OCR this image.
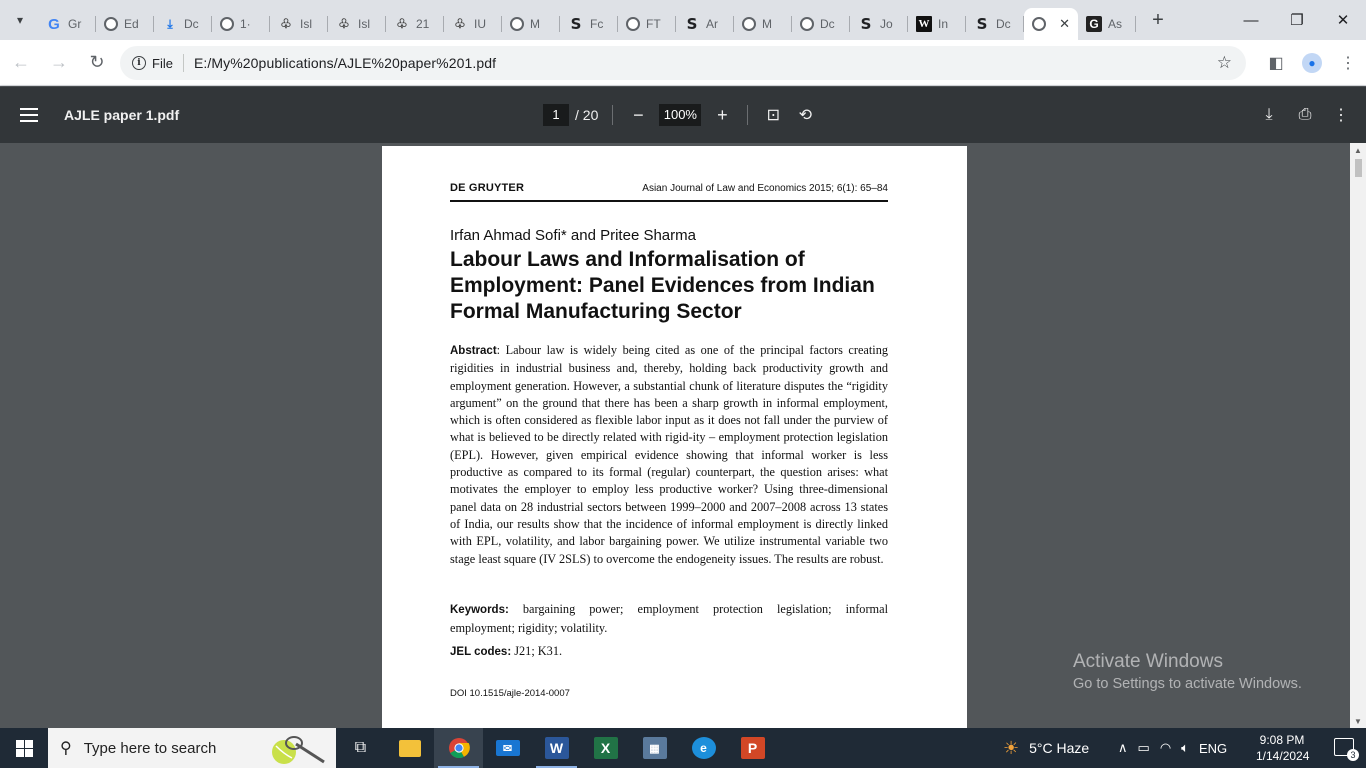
▾	G Gr	Ed	⤓ Dc	1· ♧ Isl ♧ Isl ♧ 21 ♧ IU	M S Fc	FT S Ar	M	Dc S Jo W In S Dc	✕ G As	+	—	❐	✕
←	→	↻	i File E:/My%20publications/AJLE%20paper%201.pdf	☆	◧	●	⋮
AJLE paper 1.pdf	1	/ 20	−	100%	+	⊡ ⟲	⤓	⎙ ⋮
DE GRUYTER	Asian Journal of Law and Economics 2015; 6(1): 65–84
Irfan Ahmad Sofi* and Pritee Sharma
Labour Laws and Informalisation of Employment: Panel Evidences from Indian Formal Manufacturing Sector
Abstract: Labour law is widely being cited as one of the principal factors creating rigidities in industrial business and, thereby, holding back productivity growth and employment generation. However, a substantial chunk of literature disputes the “rigidity argument” on the ground that there has been a sharp growth in informal employment, which is often considered as flexible labor input as it does not fall under the purview of what is believed to be directly related with rigid-ity – employment protection legislation (EPL). However, given empirical evidence showing that informal worker is less productive as compared to its formal (regular) counterpart, the question arises: what motivates the employer to employ less productive worker? Using three-dimensional panel data on 28 industrial sectors between 1999–2000 and 2007–2008 across 13 states of India, our results show that the incidence of informal employment is directly linked with EPL, volatility, and labor bargaining power. We utilize instrumental variable two stage least square (IV 2SLS) to overcome the endogeneity issues. The results are robust.
Keywords: bargaining power; employment protection legislation; informal employment; rigidity; volatility.
JEL codes: J21; K31.
DOI 10.1515/ajle-2014-0007
▲
▼
Activate Windows
Go to Settings to activate Windows.
⚲ Type here to search	⧉	✉	W	X	▦	e	P	☀ 5°C Haze ∧ ▭ ◠ 🔈︎ ENG
9:08 PM
1/14/2024	3
